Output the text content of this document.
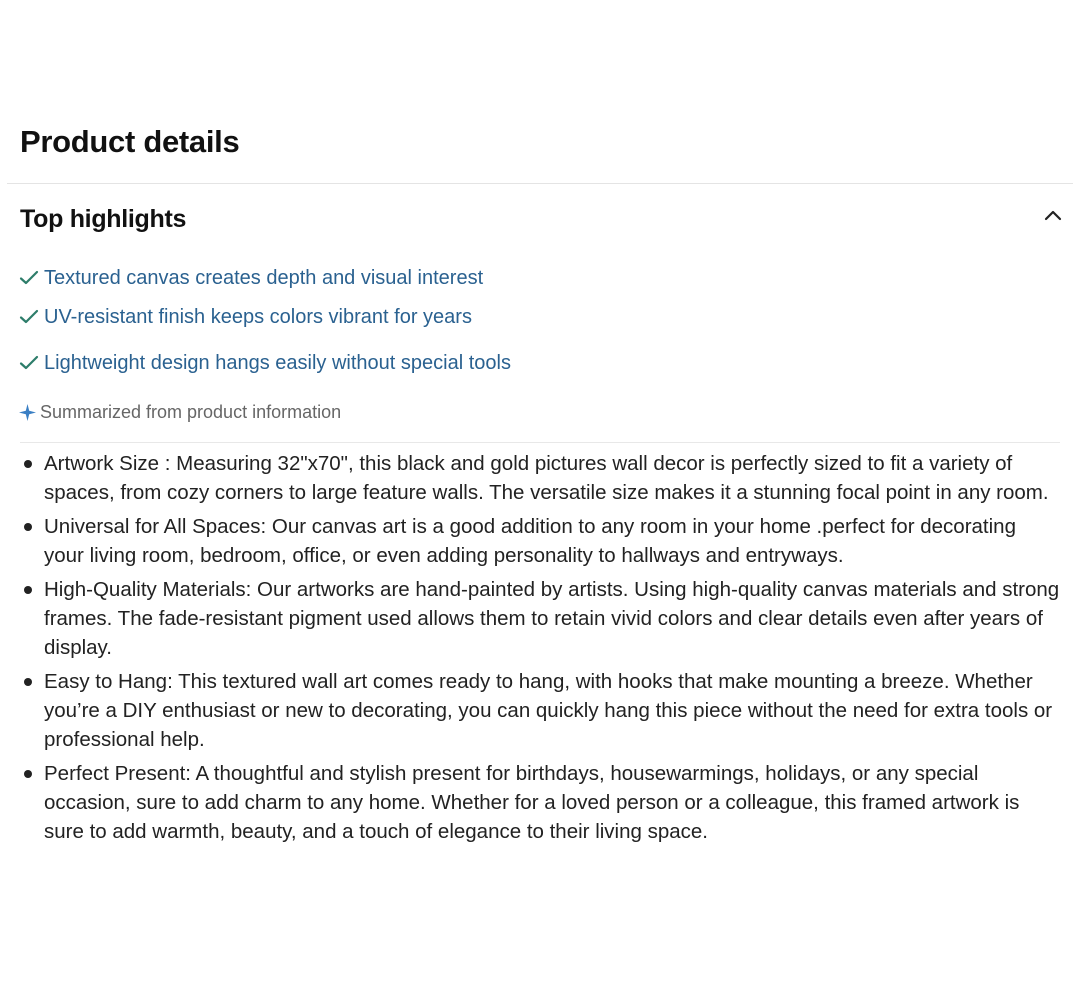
Product details
Top highlights
Textured canvas creates depth and visual interest
UV-resistant finish keeps colors vibrant for years
Lightweight design hangs easily without special tools
Summarized from product information
Artwork Size : Measuring 32"x70", this black and gold pictures wall decor is perfectly sized to fit a variety of spaces, from cozy corners to large feature walls. The versatile size makes it a stunning focal point in any room.
Universal for All Spaces: Our canvas art is a good addition to any room in your home .perfect for decorating your living room, bedroom, office, or even adding personality to hallways and entryways.
High-Quality Materials: Our artworks are hand-painted by artists. Using high-quality canvas materials and strong frames. The fade-resistant pigment used allows them to retain vivid colors and clear details even after years of display.
Easy to Hang: This textured wall art comes ready to hang, with hooks that make mounting a breeze. Whether you’re a DIY enthusiast or new to decorating, you can quickly hang this piece without the need for extra tools or professional help.
Perfect Present: A thoughtful and stylish present for birthdays, housewarmings, holidays, or any special occasion, sure to add charm to any home. Whether for a loved person or a colleague, this framed artwork is sure to add warmth, beauty, and a touch of elegance to their living space.
